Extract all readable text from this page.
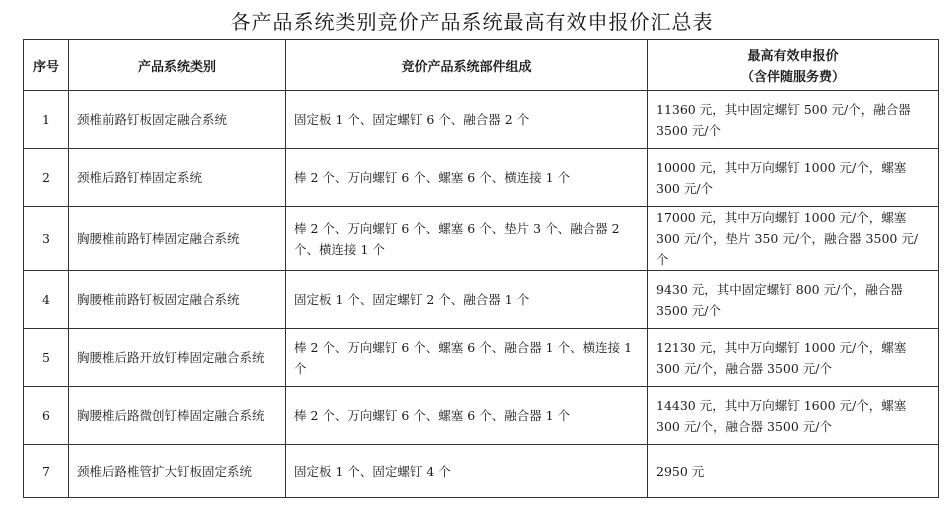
各产品系统类别竞价产品系统最高有效申报价汇总表
序号	产品系统类别	竞价产品系统部件组成	最高有效申报价
（含伴随服务费）

1	颈椎前路钉板固定融合系统	固定板 1 个、固定螺钉 6 个、融合器 2 个	11360 元，其中固定螺钉 500 元/个，融合器 3500 元/个
2	颈椎后路钉棒固定系统	棒 2 个、万向螺钉 6 个、螺塞 6 个、横连接 1 个	10000 元，其中万向螺钉 1000 元/个，螺塞 300 元/个
3	胸腰椎前路钉棒固定融合系统	棒 2 个、万向螺钉 6 个、螺塞 6 个、垫片 3 个、融合器 2 个、横连接 1 个	17000 元，其中万向螺钉 1000 元/个，螺塞 300 元/个，垫片 350 元/个，融合器 3500 元/个
4	胸腰椎前路钉板固定融合系统	固定板 1 个、固定螺钉 2 个、融合器 1 个	9430 元，其中固定螺钉 800 元/个，融合器 3500 元/个
5	胸腰椎后路开放钉棒固定融合系统	棒 2 个、万向螺钉 6 个、螺塞 6 个、融合器 1 个、横连接 1 个	12130 元，其中万向螺钉 1000 元/个，螺塞 300 元/个，融合器 3500 元/个
6	胸腰椎后路微创钉棒固定融合系统	棒 2 个、万向螺钉 6 个、螺塞 6 个、融合器 1 个	14430 元，其中万向螺钉 1600 元/个，螺塞 300 元/个，融合器 3500 元/个
7	颈椎后路椎管扩大钉板固定系统	固定板 1 个、固定螺钉 4 个	2950 元
